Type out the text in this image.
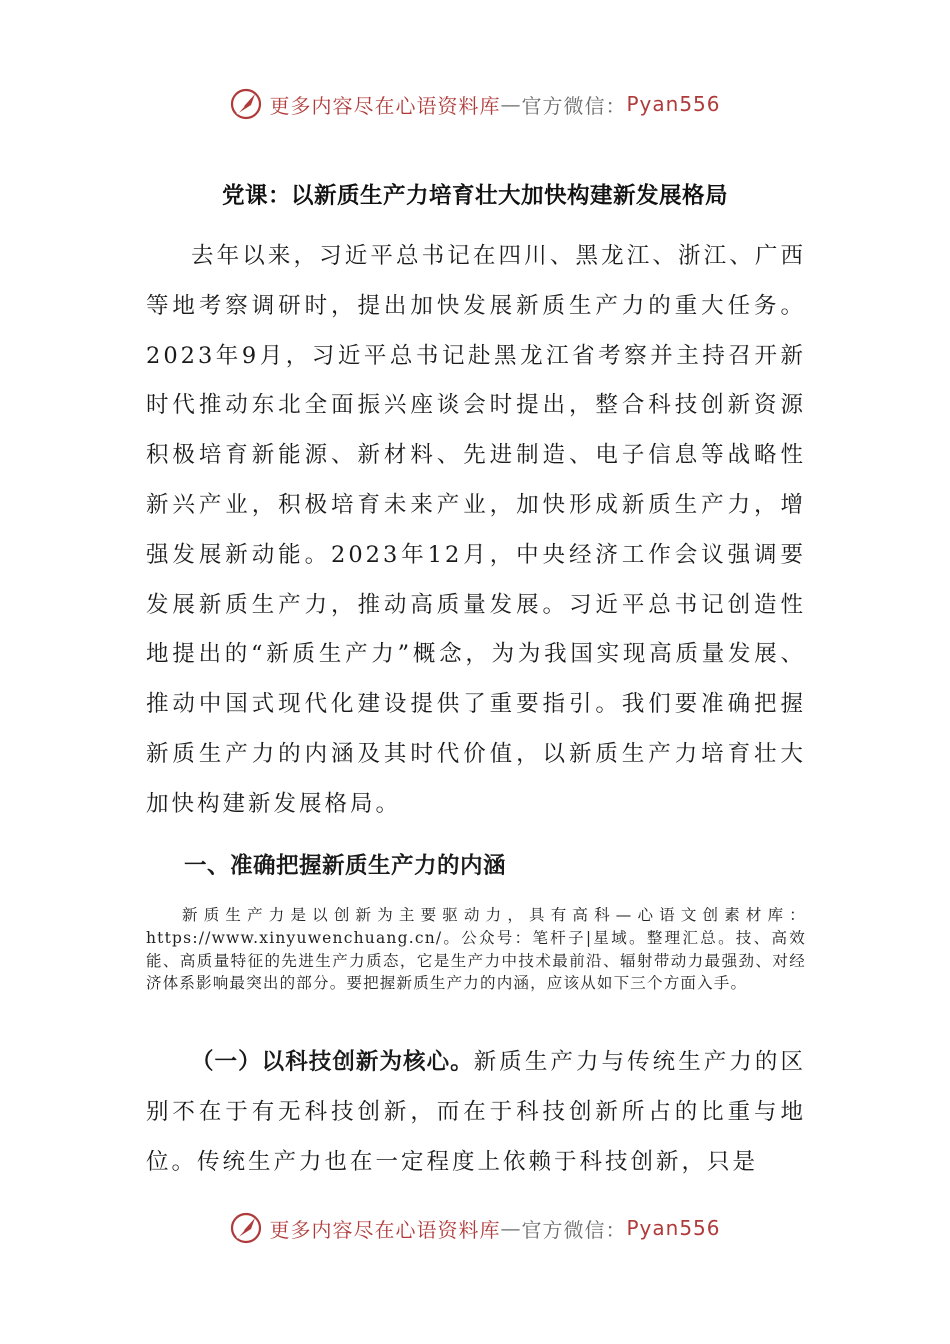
更多内容尽在心语资料库 — 官方微信： Pyan556
党课：以新质生产力培育壮大加快构建新发展格局

去年以来，习近平总书记在四川、黑龙江、浙江、广西等地考察调研时，提出加快发展新质生产力的重大任务。2023年9月，习近平总书记赴黑龙江省考察并主持召开新时代推动东北全面振兴座谈会时提出，整合科技创新资源积极培育新能源、新材料、先进制造、电子信息等战略性新兴产业，积极培育未来产业，加快形成新质生产力，增强发展新动能。2023年12月，中央经济工作会议强调要发展新质生产力，推动高质量发展。习近平总书记创造性地提出的“新质生产力”概念，为为我国实现高质量发展、推动中国式现代化建设提供了重要指引。我们要准确把握新质生产力的内涵及其时代价值，以新质生产力培育壮大加快构建新发展格局。

一、准确把握新质生产力的内涵

新质生产力是以创新为主要驱动力，具有高科—心语文创素材库：https://www.xinyuwenchuang.cn/。公众号：笔杆子|星域。整理汇总。技、高效能、高质量特征的先进生产力质态，它是生产力中技术最前沿、辐射带动力最强劲、对经济体系影响最突出的部分。要把握新质生产力的内涵，应该从如下三个方面入手。

（一）以科技创新为核心。新质生产力与传统生产力的区别不在于有无科技创新，而在于科技创新所占的比重与地位。传统生产力也在一定程度上依赖于科技创新，只是

更多内容尽在心语资料库 — 官方微信： Pyan556
